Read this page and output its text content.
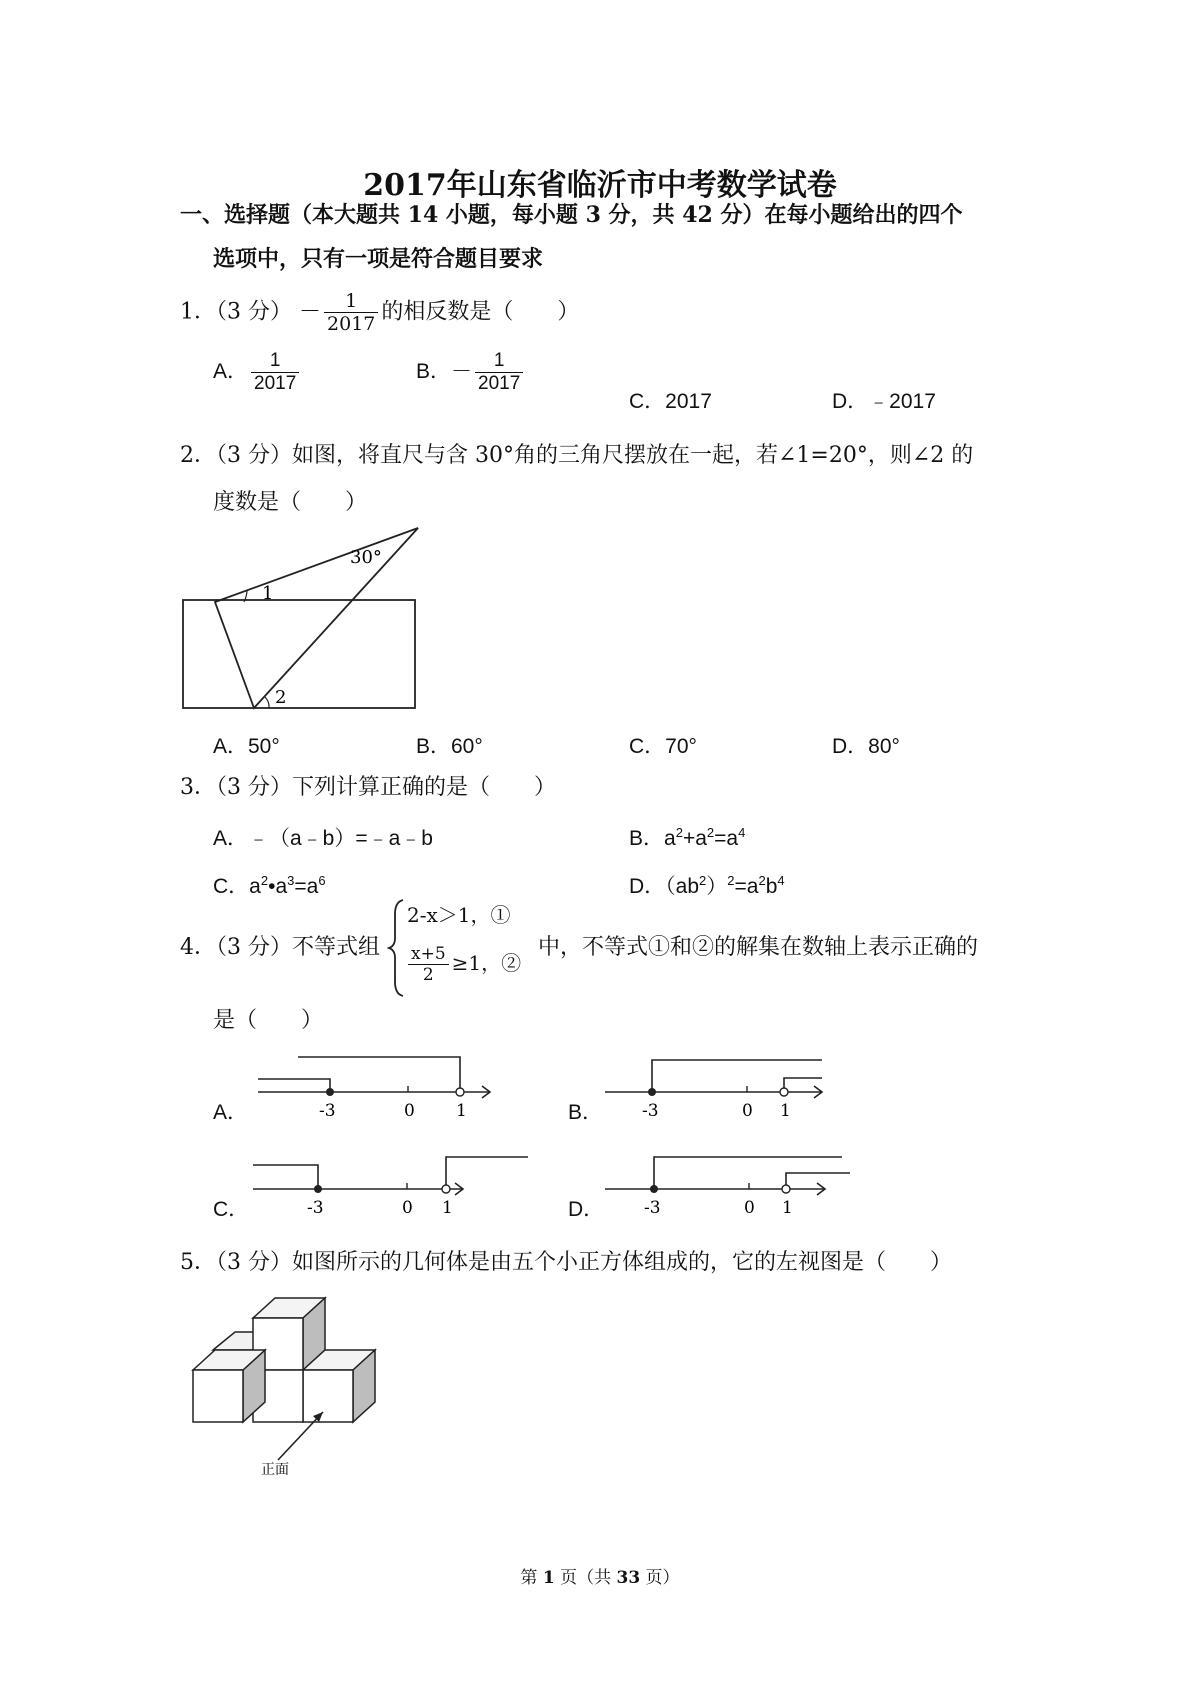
2017年山东省临沂市中考数学试卷
一、选择题（本大题共 14 小题，每小题 3 分，共 42 分）在每小题给出的四个
选项中，只有一项是符合题目要求
1．（3 分） － $\frac{1}{2017}$ 的相反数是（　　）
A． $\frac{1}{2017}$	B．－ $\frac{1}{2017}$
C．2017	D．﹣2017
2．（3 分）如图，将直尺与含 30°角的三角尺摆放在一起，若∠1=20°，则∠2 的
度数是（　　）
30°
1
2
A．50°	B．60°	C．70°	D．80°
3．（3 分）下列计算正确的是（　　）
A．﹣（a﹣b）=﹣a﹣b	B．$a^2+a^2=a^4$
C．$a^2•a^3=a^6$	D．$(ab^2)^2=a^2b^4$
4．（3 分）不等式组
2-x＞1，①
$\frac{x+5}{2} \ge 1$，②
中，不等式①和②的解集在数轴上表示正确的
是（　　）
A．	-3	0 1	B． -3	0 1
C．	-3	0 1	D． -3	0 1
5．（3 分）如图所示的几何体是由五个小正方体组成的，它的左视图是（　　）
正面
第 1 页（共 33 页）
